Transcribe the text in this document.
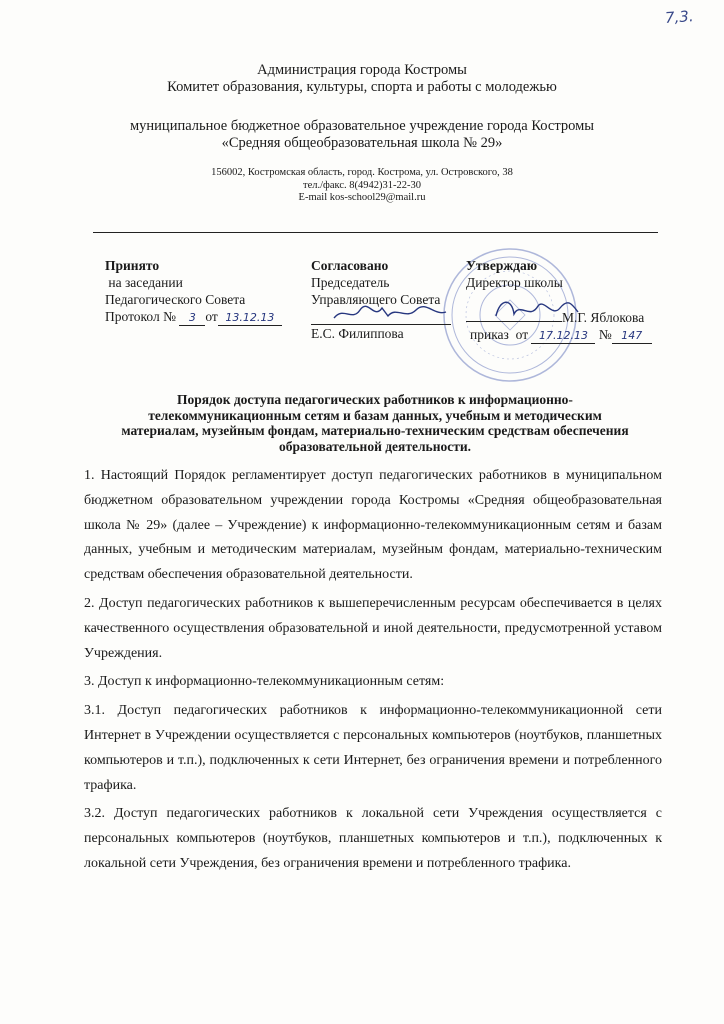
7,3.
Администрация города Костромы
Комитет образования, культуры, спорта и работы с молодежью
муниципальное бюджетное образовательное учреждение города Костромы
«Средняя общеобразовательная школа № 29»
156002, Костромская область, город. Кострома, ул. Островского, 38
тел./факс. 8(4942)31-22-30
E-mail kos-school29@mail.ru
Принято
на заседании
Педагогического Совета
Протокол № 3 от 13.12.13
Согласовано
Председатель
Управляющего Совета
Е.С. Филиппова
Утверждаю
Директор школы
М.Г. Яблокова
приказ  от 17.12.13 № 147
Порядок доступа педагогических работников к информационно-телекоммуникационным сетям и базам данных, учебным и методическим материалам, музейным фондам, материально-техническим средствам обеспечения образовательной деятельности.

1. Настоящий Порядок регламентирует доступ педагогических работников в муниципальном бюджетном образовательном учреждении города Костромы «Средняя общеобразовательная школа № 29» (далее – Учреждение) к информационно-телекоммуникационным сетям и базам данных, учебным и методическим материалам, музейным фондам, материально-техническим средствам обеспечения образовательной деятельности.

2. Доступ педагогических работников к вышеперечисленным ресурсам обеспечивается в целях качественного осуществления образовательной и иной деятельности, предусмотренной уставом Учреждения.

3. Доступ к информационно-телекоммуникационным сетям:

3.1. Доступ педагогических работников к информационно-телекоммуникационной сети Интернет в Учреждении осуществляется с персональных компьютеров (ноутбуков, планшетных компьютеров и т.п.), подключенных к сети Интернет, без ограничения времени и потребленного трафика.

3.2. Доступ педагогических работников к локальной сети Учреждения осуществляется с персональных компьютеров (ноутбуков, планшетных компьютеров и т.п.), подключенных к локальной сети Учреждения, без ограничения времени и потребленного трафика.
